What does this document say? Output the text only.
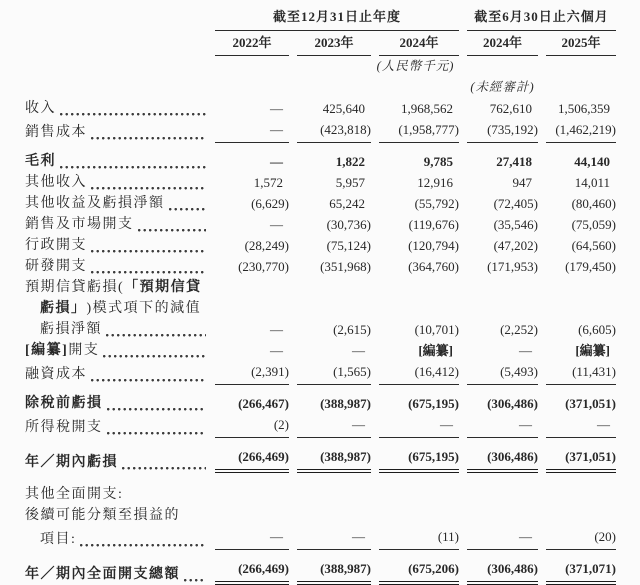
	截至12月31日止年度			截至6月30日止六個月	
	2022年	2023年	2024年	2024年	2025年
	(人民幣千元)				
				(未經審計)	

收入	—	425,640	1,968,562	762,610	1,506,359

銷售成本	—	(423,818)	(1,958,777)	(735,192)	(1,462,219)

毛利	—	1,822	9,785	27,418	44,140

其他收入	1,572	5,957	12,916	947	14,011

其他收益及虧損淨額	(6,629)	65,242	(55,792)	(72,405)	(80,460)

銷售及市場開支	—	(30,736)	(119,676)	(35,546)	(75,059)

行政開支	(28,249)	(75,124)	(120,794)	(47,202)	(64,560)

研發開支	(230,770)	(351,968)	(364,760)	(171,953)	(179,450)

預期信貸虧損( 「預期信貸					

虧損」 )模式項下的減值					

虧損淨額	—	(2,615)	(10,701)	(2,252)	(6,605)

[編纂] 開支	—	—	[編纂]	—	[編纂]

融資成本	(2,391)	(1,565)	(16,412)	(5,493)	(11,431)

除稅前虧損	(266,467)	(388,987)	(675,195)	(306,486)	(371,051)

所得稅開支	(2)	—	—	—	—

年／期內虧損	(266,469)	(388,987)	(675,195)	(306,486)	(371,051)

其他全面開支:					

後續可能分類至損益的					

項目:	—	—	(11)	—	(20)

年／期內全面開支總額	(266,469)	(388,987)	(675,206)	(306,486)	(371,071)
